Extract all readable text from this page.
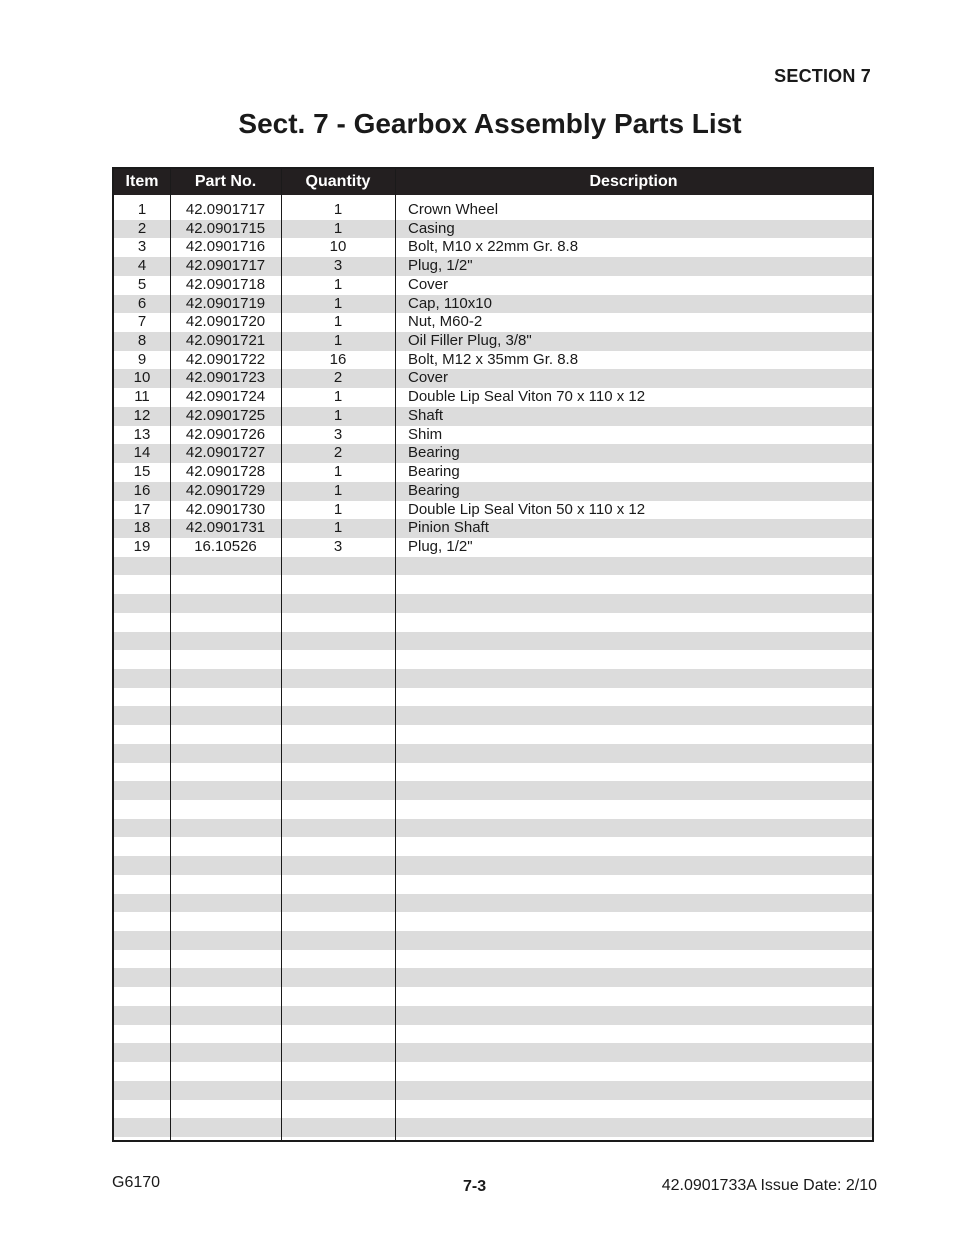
SECTION 7
Sect. 7 - Gearbox Assembly Parts List
Item	Part No.	Quantity	Description
1	42.0901717	1	Crown Wheel
2	42.0901715	1	Casing
3	42.0901716	10	Bolt, M10 x 22mm Gr. 8.8
4	42.0901717	3	Plug, 1/2"
5	42.0901718	1	Cover
6	42.0901719	1	Cap, 110x10
7	42.0901720	1	Nut, M60-2
8	42.0901721	1	Oil Filler Plug, 3/8"
9	42.0901722	16	Bolt, M12 x 35mm Gr. 8.8
10	42.0901723	2	Cover
11	42.0901724	1	Double Lip Seal Viton 70 x 110 x 12
12	42.0901725	1	Shaft
13	42.0901726	3	Shim
14	42.0901727	2	Bearing
15	42.0901728	1	Bearing
16	42.0901729	1	Bearing
17	42.0901730	1	Double Lip Seal Viton 50 x 110 x 12
18	42.0901731	1	Pinion Shaft
19	16.10526	3	Plug, 1/2"
G6170	7-3	42.0901733A Issue Date: 2/10
